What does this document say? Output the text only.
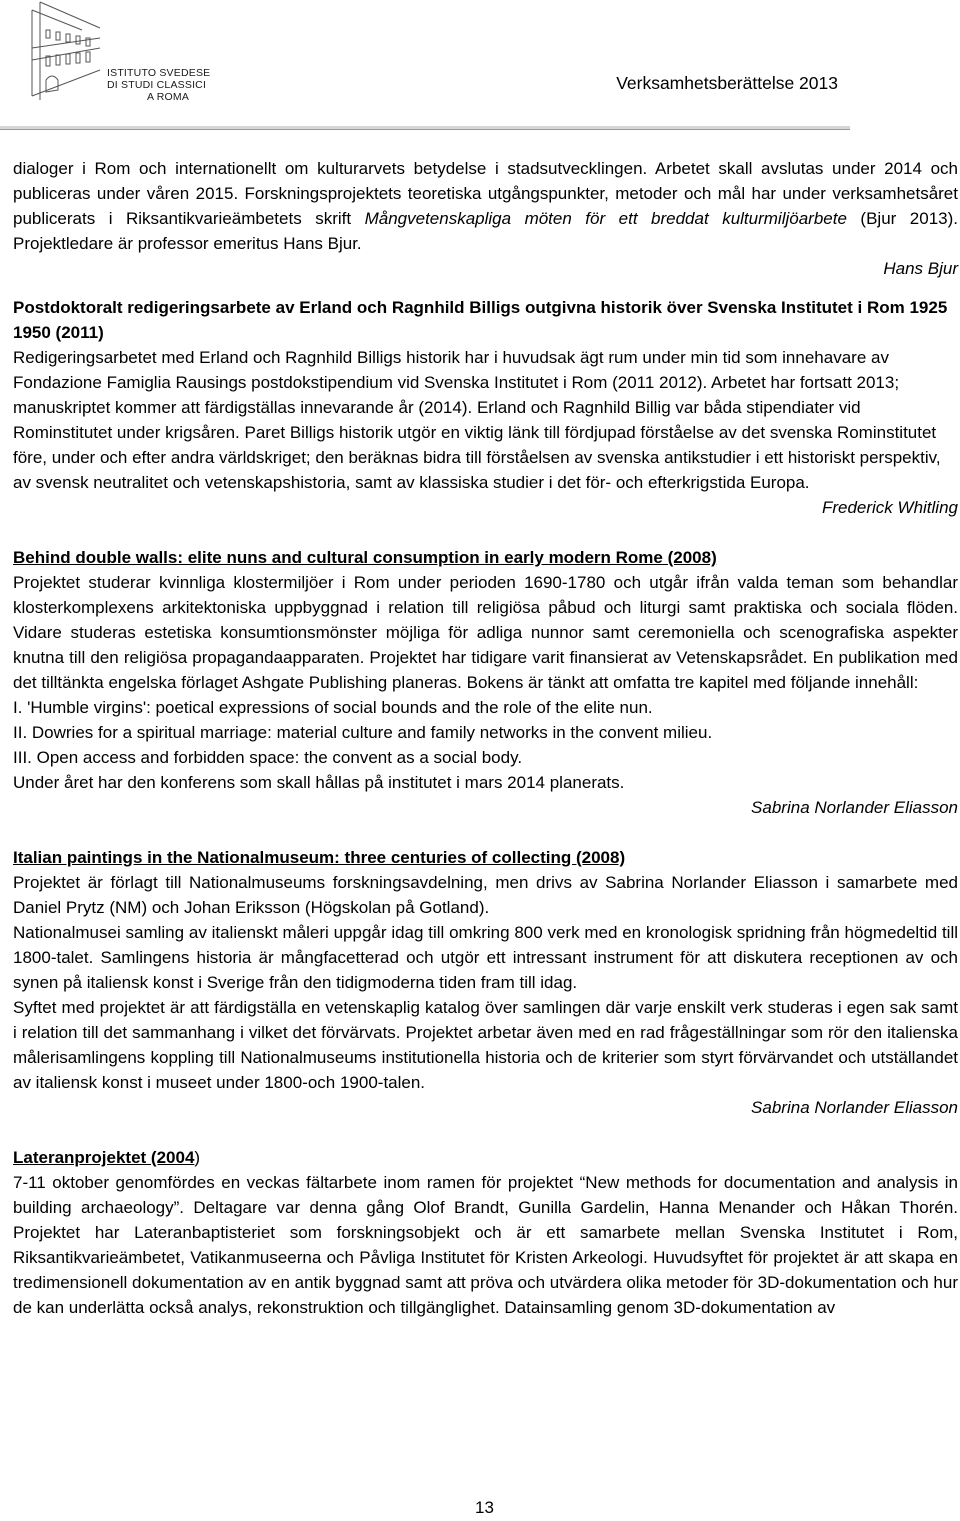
ISTITUTO SVEDESE
DI STUDI CLASSICI
A ROMA
Verksamhetsberättelse 2013

dialoger i Rom och internationellt om kulturarvets betydelse i stadsutvecklingen. Arbetet skall avslutas under 2014 och publiceras under våren 2015. Forskningsprojektets teoretiska utgångspunkter, metoder och mål har under verksamhetsåret publicerats i Riksantikvarieämbetets skrift Mångvetenskapliga möten för ett breddat kulturmiljöarbete (Bjur 2013). Projektledare är professor emeritus Hans Bjur.

Hans Bjur

Postdoktoralt redigeringsarbete av Erland och Ragnhild Billigs outgivna historik över Svenska Institutet i Rom 1925 1950 (2011)

Redigeringsarbetet med Erland och Ragnhild Billigs historik har i huvudsak ägt rum under min tid som innehavare av Fondazione Famiglia Rausings postdokstipendium vid Svenska Institutet i Rom (2011 2012). Arbetet har fortsatt 2013; manuskriptet kommer att färdigställas innevarande år (2014). Erland och Ragnhild Billig var båda stipendiater vid Rominstitutet under krigsåren. Paret Billigs historik utgör en viktig länk till fördjupad förståelse av det svenska Rominstitutet före, under och efter andra världskriget; den beräknas bidra till förståelsen av svenska antikstudier i ett historiskt perspektiv, av svensk neutralitet och vetenskapshistoria, samt av klassiska studier i det för- och efterkrigstida Europa.

Frederick Whitling

Behind double walls: elite nuns and cultural consumption in early modern Rome (2008)

Projektet studerar kvinnliga klostermiljöer i Rom under perioden 1690-1780 och utgår ifrån valda teman som behandlar klosterkomplexens arkitektoniska uppbyggnad i relation till religiösa påbud och liturgi samt praktiska och sociala flöden. Vidare studeras estetiska konsumtionsmönster möjliga för adliga nunnor samt ceremoniella och scenografiska aspekter knutna till den religiösa propagandaapparaten. Projektet har tidigare varit finansierat av Vetenskapsrådet. En publikation med det tilltänkta engelska förlaget Ashgate Publishing planeras. Bokens är tänkt att omfatta tre kapitel med följande innehåll:

I. 'Humble virgins': poetical expressions of social bounds and the role of the elite nun.

II. Dowries for a spiritual marriage: material culture and family networks in the convent milieu.

III. Open access and forbidden space: the convent as a social body.

Under året har den konferens som skall hållas på institutet i mars 2014 planerats.

Sabrina Norlander Eliasson

Italian paintings in the Nationalmuseum: three centuries of collecting (2008)

Projektet är förlagt till Nationalmuseums forskningsavdelning, men drivs av Sabrina Norlander Eliasson i samarbete med Daniel Prytz (NM) och Johan Eriksson (Högskolan på Gotland).

Nationalmusei samling av italienskt måleri uppgår idag till omkring 800 verk med en kronologisk spridning från högmedeltid till 1800-talet. Samlingens historia är mångfacetterad och utgör ett intressant instrument för att diskutera receptionen av och synen på italiensk konst i Sverige från den tidigmoderna tiden fram till idag.

Syftet med projektet är att färdigställa en vetenskaplig katalog över samlingen där varje enskilt verk studeras i egen sak samt i relation till det sammanhang i vilket det förvärvats. Projektet arbetar även med en rad frågeställningar som rör den italienska målerisamlingens koppling till Nationalmuseums institutionella historia och de kriterier som styrt förvärvandet och utställandet av italiensk konst i museet under 1800-och 1900-talen.

Sabrina Norlander Eliasson

Lateranprojektet (2004)

7-11 oktober genomfördes en veckas fältarbete inom ramen för projektet “New methods for documentation and analysis in building archaeology”. Deltagare var denna gång Olof Brandt, Gunilla Gardelin, Hanna Menander och Håkan Thorén. Projektet har Lateranbaptisteriet som forskningsobjekt och är ett samarbete mellan Svenska Institutet i Rom, Riksantikvarieämbetet, Vatikanmuseerna och Påvliga Institutet för Kristen Arkeologi. Huvudsyftet för projektet är att skapa en tredimensionell dokumentation av en antik byggnad samt att pröva och utvärdera olika metoder för 3D-dokumentation och hur de kan underlätta också analys, rekonstruktion och tillgänglighet. Datainsamling genom 3D-dokumentation av

13
